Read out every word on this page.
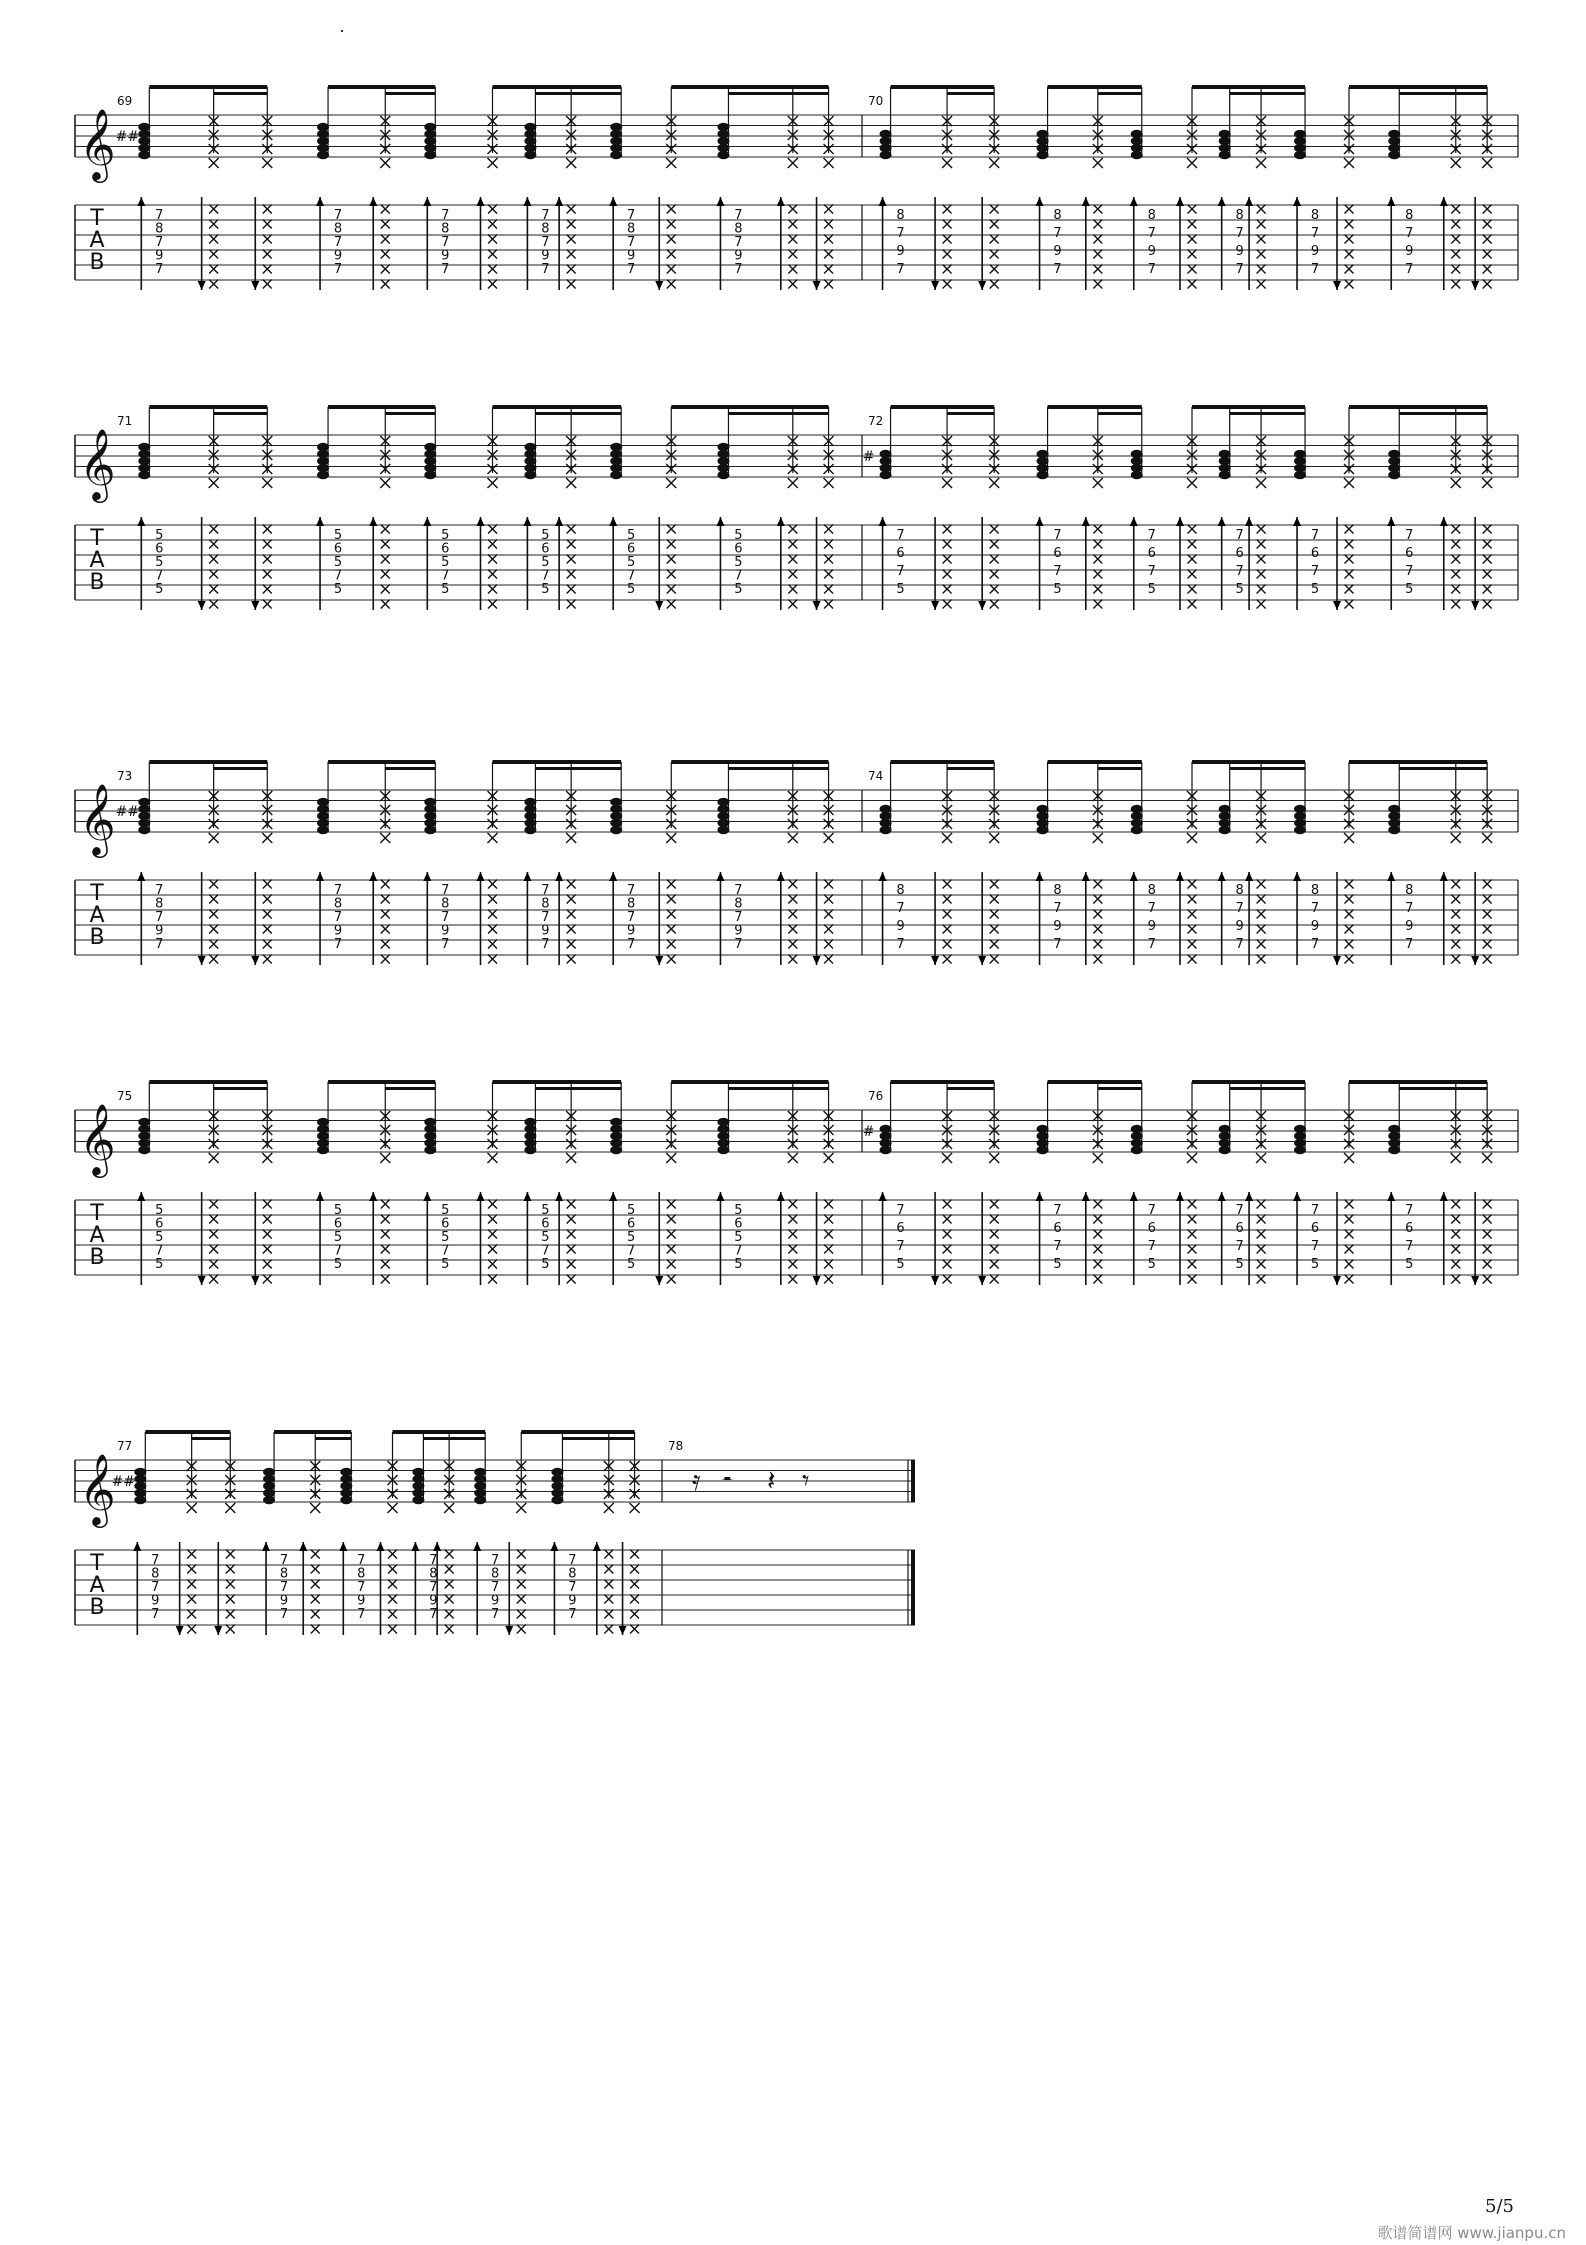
𝄞
T
A
B
69
##
7
8
7
9
7
7
8
7
9
7
7
8
7
9
7
7
8
7
9
7
7
8
7
9
7
7
8
7
9
7
70
8
7
9
7
8
7
9
7
8
7
9
7
8
7
9
7
8
7
9
7
8
7
9
7
𝄞
T
A
B
71
5
6
5
7
5
5
6
5
7
5
5
6
5
7
5
5
6
5
7
5
5
6
5
7
5
5
6
5
7
5
72
#
7
6
7
5
7
6
7
5
7
6
7
5
7
6
7
5
7
6
7
5
7
6
7
5
𝄞
T
A
B
73
##
7
8
7
9
7
7
8
7
9
7
7
8
7
9
7
7
8
7
9
7
7
8
7
9
7
7
8
7
9
7
74
8
7
9
7
8
7
9
7
8
7
9
7
8
7
9
7
8
7
9
7
8
7
9
7
𝄞
T
A
B
75
5
6
5
7
5
5
6
5
7
5
5
6
5
7
5
5
6
5
7
5
5
6
5
7
5
5
6
5
7
5
76
#
7
6
7
5
7
6
7
5
7
6
7
5
7
6
7
5
7
6
7
5
7
6
7
5
𝄞
T
A
B
77
##
7
8
7
9
7
7
8
7
9
7
7
8
7
9
7
7
8
7
9
7
7
8
7
9
7
7
8
7
9
7
78
𝄿 𝄼 𝄽 𝄾
5/5
歌谱简谱网 www.jianpu.cn
